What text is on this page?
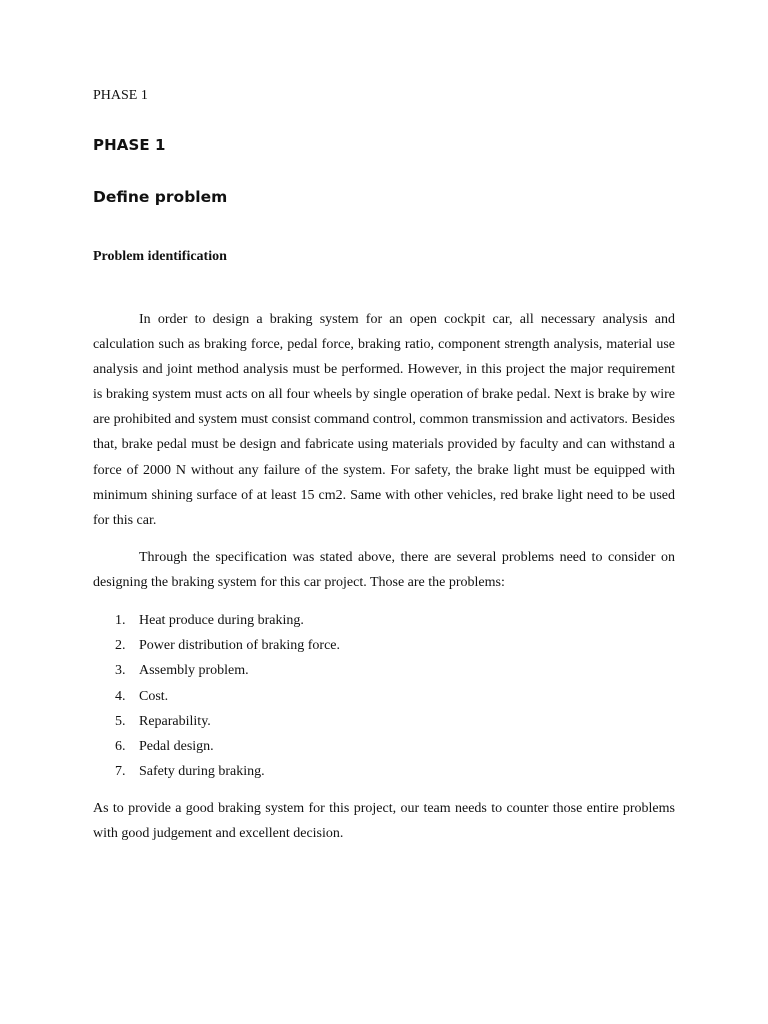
PHASE 1
PHASE 1
Define problem
Problem identification

In order to design a braking system for an open cockpit car, all necessary analysis and calculation such as braking force, pedal force, braking ratio, component strength analysis, material use analysis and joint method analysis must be performed. However, in this project the major requirement is braking system must acts on all four wheels by single operation of brake pedal. Next is brake by wire are prohibited and system must consist command control, common transmission and activators. Besides that, brake pedal must be design and fabricate using materials provided by faculty and can withstand a force of 2000 N without any failure of the system. For safety, the brake light must be equipped with minimum shining surface of at least 15 cm2. Same with other vehicles, red brake light need to be used for this car.

Through the specification was stated above, there are several problems need to consider on designing the braking system for this car project. Those are the problems:

1. Heat produce during braking.
2. Power distribution of braking force.
3. Assembly problem.
4. Cost.
5. Reparability.
6. Pedal design.
7. Safety during braking.

As to provide a good braking system for this project, our team needs to counter those entire problems with good judgement and excellent decision.
